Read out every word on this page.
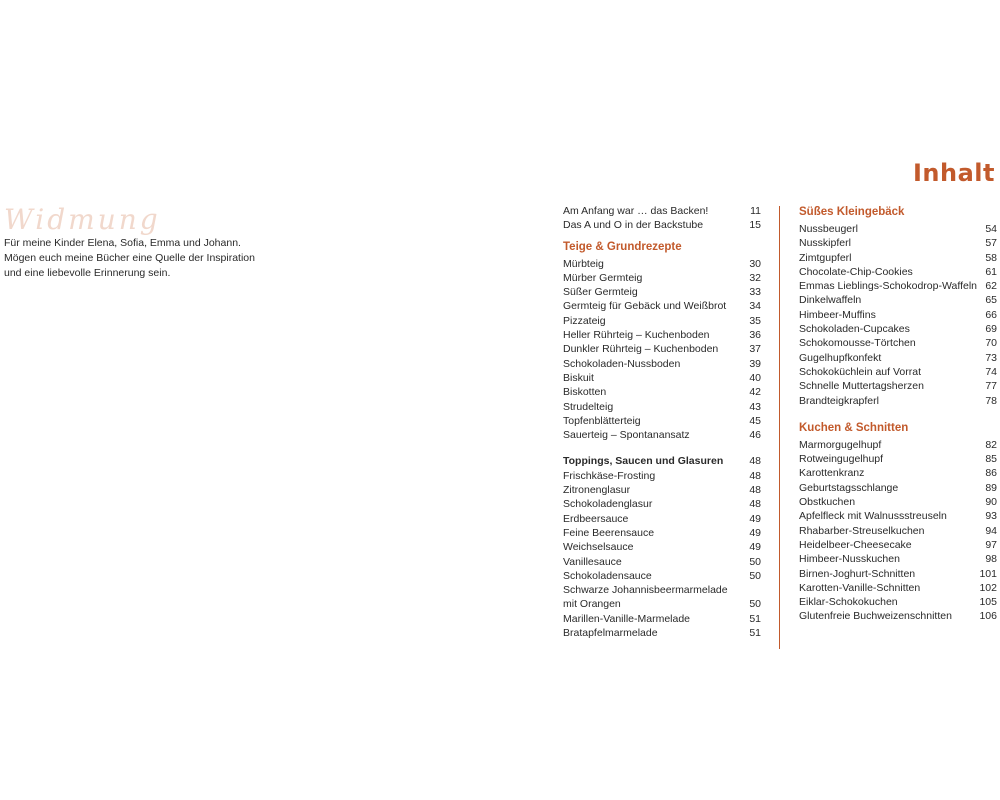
Inhalt
Widmung
Für meine Kinder Elena, Sofia, Emma und Johann.
Mögen euch meine Bücher eine Quelle der Inspiration
und eine liebevolle Erinnerung sein.
Am Anfang war … das Backen!	11
Das A und O in der Backstube	15
Teige & Grundrezepte
Mürbteig	30
Mürber Germteig	32
Süßer Germteig	33
Germteig für Gebäck und Weißbrot	34
Pizzateig	35
Heller Rührteig – Kuchenboden	36
Dunkler Rührteig – Kuchenboden	37
Schokoladen-Nussboden	39
Biskuit	40
Biskotten	42
Strudelteig	43
Topfenblätterteig	45
Sauerteig – Spontanansatz	46
Toppings, Saucen und Glasuren	48
Frischkäse-Frosting	48
Zitronenglasur	48
Schokoladenglasur	48
Erdbeersauce	49
Feine Beerensauce	49
Weichselsauce	49
Vanillesauce	50
Schokoladensauce	50
Schwarze Johannisbeermarmelade
mit Orangen	50
Marillen-Vanille-Marmelade	51
Bratapfelmarmelade	51
Süßes Kleingebäck
Nussbeugerl	54
Nusskipferl	57
Zimtgupferl	58
Chocolate-Chip-Cookies	61
Emmas Lieblings-Schokodrop-Waffeln 62
Dinkelwaffeln	65
Himbeer-Muffins	66
Schokoladen-Cupcakes	69
Schokomousse-Törtchen	70
Gugelhupfkonfekt	73
Schokoküchlein auf Vorrat	74
Schnelle Muttertagsherzen	77
Brandteigkrapferl	78
Kuchen & Schnitten
Marmorgugelhupf	82
Rotweingugelhupf	85
Karottenkranz	86
Geburtstagsschlange	89
Obstkuchen	90
Apfelfleck mit Walnussstreuseln	93
Rhabarber-Streuselkuchen	94
Heidelbeer-Cheesecake	97
Himbeer-Nusskuchen	98
Birnen-Joghurt-Schnitten	101
Karotten-Vanille-Schnitten	102
Eiklar-Schokokuchen	105
Glutenfreie Buchweizenschnitten	106
